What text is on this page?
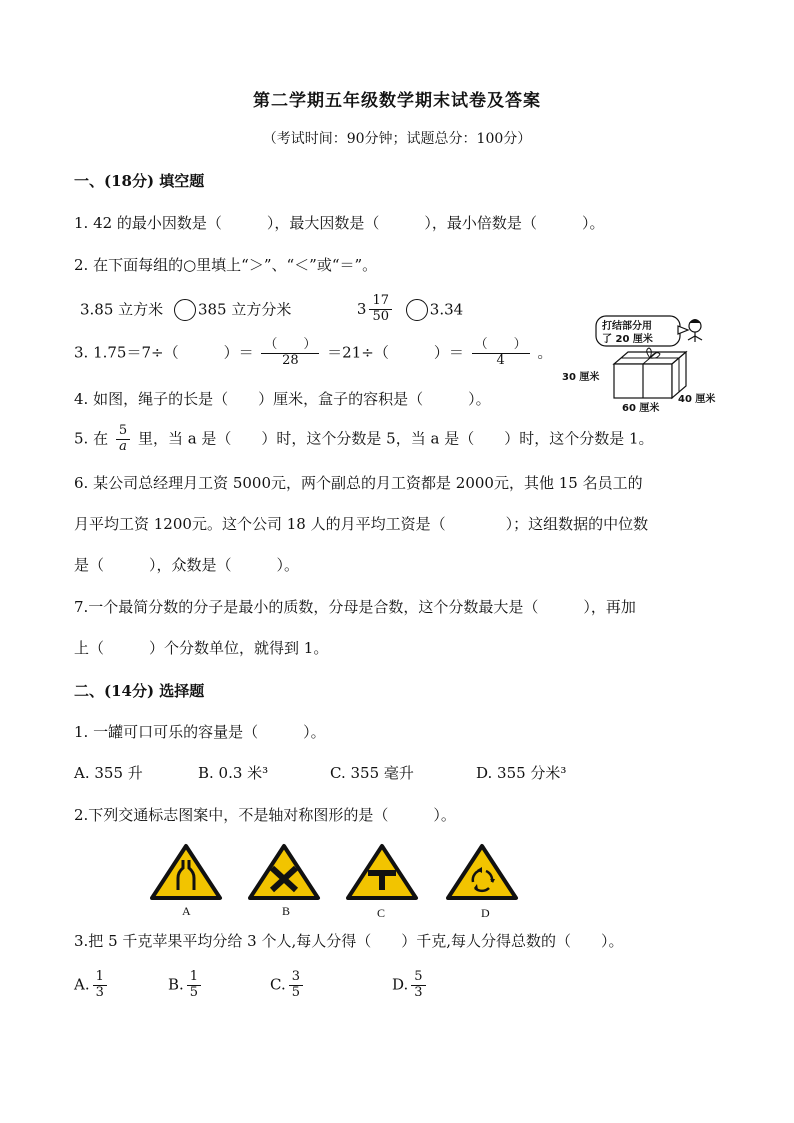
第二学期五年级数学期末试卷及答案
（考试时间：90分钟；试题总分：100分）
一、(18分) 填空题
1. 42 的最小因数是（　　　），最大因数是（　　　），最小倍数是（　　　）。
2. 在下面每组的○里填上“＞”、“＜”或“＝”。
3.85 立方米 385 立方分米	$3 \frac{17}{50}$	3.34
3. 1.75＝7÷（　　　）＝ $\frac{( )}{28} =21\div$（　　　）＝ $\frac{( )}{4}$ 。
4. 如图，绳子的长是（　　）厘米，盒子的容积是（　　　）。
5. 在 $\frac{5}{a}$ 里，当 a 是（　　）时，这个分数是 5，当 a 是（　　）时，这个分数是 1。
6. 某公司总经理月工资 5000元，两个副总的月工资都是 2000元，其他 15 名员工的
月平均工资 1200元。这个公司 18 人的月平均工资是（　　　　）；这组数据的中位数
是（　　　），众数是（　　　）。
7.一个最简分数的分子是最小的质数，分母是合数，这个分数最大是（　　　），再加
上（　　　）个分数单位，就得到 1。
打结部分用
了 20 厘米
30 厘米
60 厘米
40 厘米
二、(14分) 选择题
1. 一罐可口可乐的容量是（　　　）。
A. 355 升	B. 0.3 米³	C. 355 毫升	D. 355 分米³
2.下列交通标志图案中，不是轴对称图形的是（　　　）。
A	B	C	D
3.把 5 千克苹果平均分给 3 个人,每人分得（　　）千克,每人分得总数的（　　）。
A. $\frac{1}{3}$	B. $\frac{1}{5}$	C. $\frac{3}{5}$	D. $\frac{5}{3}$
